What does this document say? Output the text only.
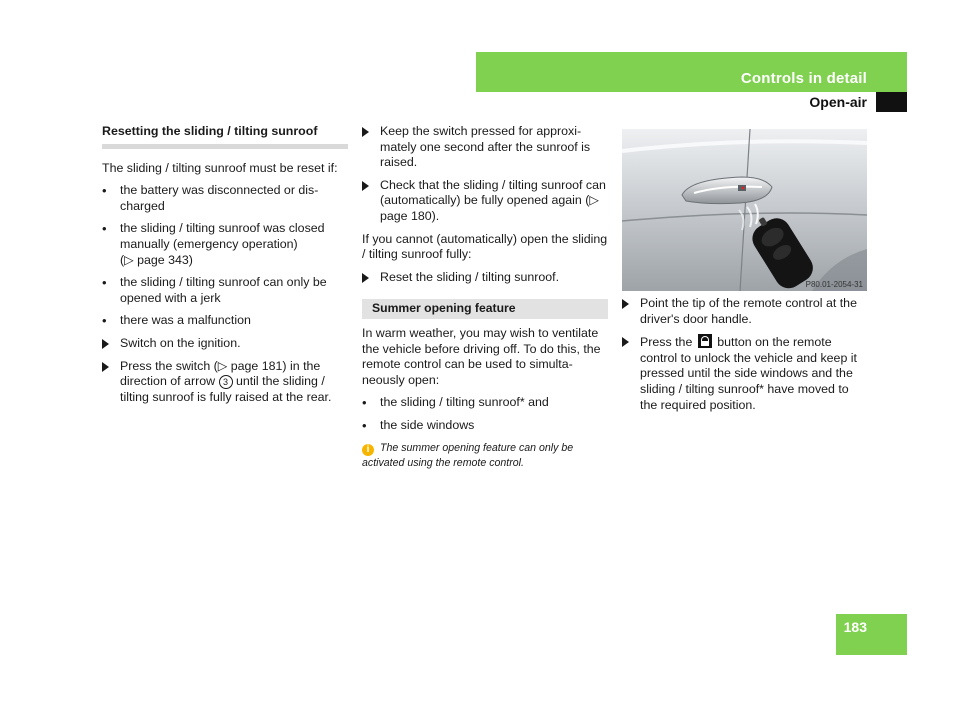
Controls in detail
Open-air
Resetting the sliding / tilting sunroof

The sliding / tilting sunroof must be reset if:

• the battery was disconnected or dis-charged
• the sliding / tilting sunroof was closed manually (emergency operation)
(▷ page 343)
• the sliding / tilting sunroof can only be opened with a jerk
• there was a malfunction
Switch on the ignition.
Press the switch (▷ page 181) in the direction of arrow 3 until the sliding / tilting sunroof is fully raised at the rear.
Keep the switch pressed for approxi-mately one second after the sunroof is raised.
Check that the sliding / tilting sunroof can (automatically) be fully opened again (▷ page 180).

If you cannot (automatically) open the sliding / tilting sunroof fully:

Reset the sliding / tilting sunroof.
Summer opening feature

In warm weather, you may wish to ventilate the vehicle before driving off. To do this, the remote control can be used to simulta-neously open:

• the sliding / tilting sunroof* and
• the side windows
i The summer opening feature can only be activated using the remote control.
P80.01-2054-31
Point the tip of the remote control at the driver's door handle.
Press the button on the remote control to unlock the vehicle and keep it pressed until the side windows and the sliding / tilting sunroof* have moved to the required position.
183
